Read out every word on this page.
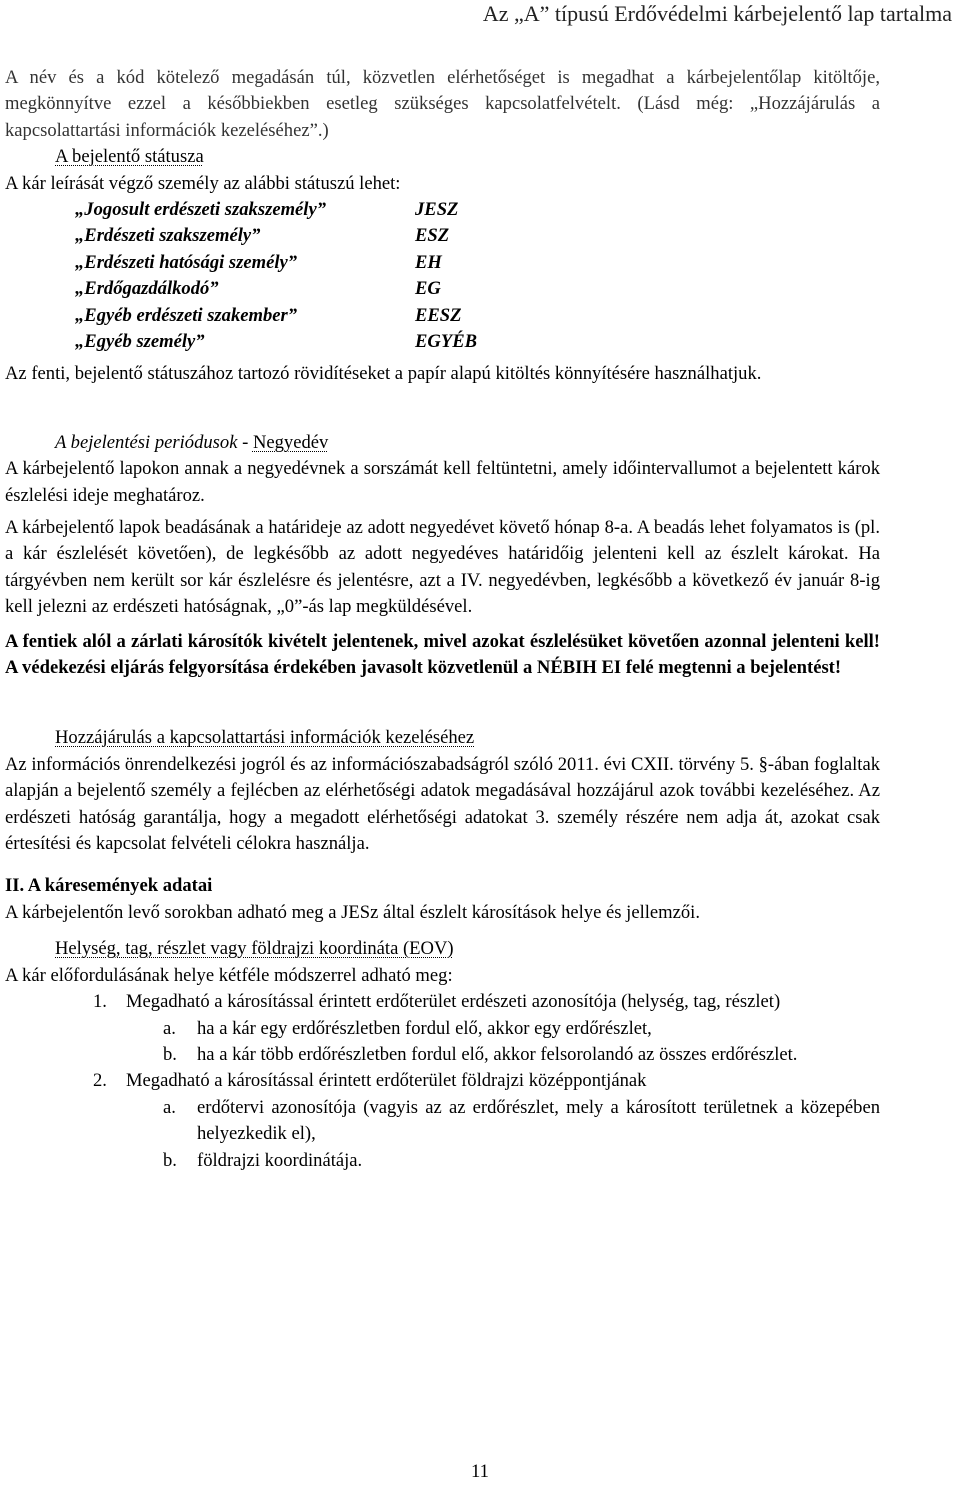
Az „A” típusú Erdővédelmi kárbejelentő lap tartalma

A név és a kód kötelező megadásán túl, közvetlen elérhetőséget is megadhat a kárbejelentőlap kitöltője, megkönnyítve ezzel a későbbiekben esetleg szükséges kapcsolatfelvételt. (Lásd még: „Hozzájárulás a kapcsolattartási információk kezeléséhez”.)

A bejelentő státusza

A kár leírását végző személy az alábbi státuszú lehet:

„Jogosult erdészeti szakszemély”	JESZ
„Erdészeti szakszemély”	ESZ
„Erdészeti hatósági személy”	EH
„Erdőgazdálkodó”	EG
„Egyéb erdészeti szakember”	EESZ
„Egyéb személy”	EGYÉB

Az fenti, bejelentő státuszához tartozó rövidítéseket a papír alapú kitöltés könnyítésére használhatjuk.

A bejelentési periódusok - Negyedév

A kárbejelentő lapokon annak a negyedévnek a sorszámát kell feltüntetni, amely időintervallumot a bejelentett károk észlelési ideje meghatároz.

A kárbejelentő lapok beadásának a határideje az adott negyedévet követő hónap 8-a. A beadás lehet folyamatos is (pl. a kár észlelését követően), de legkésőbb az adott negyedéves határidőig jelenteni kell az észlelt károkat. Ha tárgyévben nem került sor kár észlelésre és jelentésre, azt a IV. negyedévben, legkésőbb a következő év január 8-ig kell jelezni az erdészeti hatóságnak, „0”-ás lap megküldésével.

A fentiek alól a zárlati károsítók kivételt jelentenek, mivel azokat észlelésüket követően azonnal jelenteni kell! A védekezési eljárás felgyorsítása érdekében javasolt közvetlenül a NÉBIH EI felé megtenni a bejelentést!

Hozzájárulás a kapcsolattartási információk kezeléséhez

Az információs önrendelkezési jogról és az információszabadságról szóló 2011. évi CXII. törvény 5. §-ában foglaltak alapján a bejelentő személy a fejlécben az elérhetőségi adatok megadásával hozzájárul azok további kezeléséhez. Az erdészeti hatóság garantálja, hogy a megadott elérhetőségi adatokat 3. személy részére nem adja át, azokat csak értesítési és kapcsolat felvételi célokra használja.

II. A káresemények adatai

A kárbejelentőn levő sorokban adható meg a JESz által észlelt károsítások helye és jellemzői.

Helység, tag, részlet vagy földrajzi koordináta (EOV)

A kár előfordulásának helye kétféle módszerrel adható meg:

1.	Megadható a károsítással érintett erdőterület erdészeti azonosítója (helység, tag, részlet)
a.	ha a kár egy erdőrészletben fordul elő, akkor egy erdőrészlet,
b.	ha a kár több erdőrészletben fordul elő, akkor felsorolandó az összes erdőrészlet.
2.	Megadható a károsítással érintett erdőterület földrajzi középpontjának
a.	erdőtervi azonosítója (vagyis az az erdőrészlet, mely a károsított területnek a közepében helyezkedik el),
b.	földrajzi koordinátája.
11
